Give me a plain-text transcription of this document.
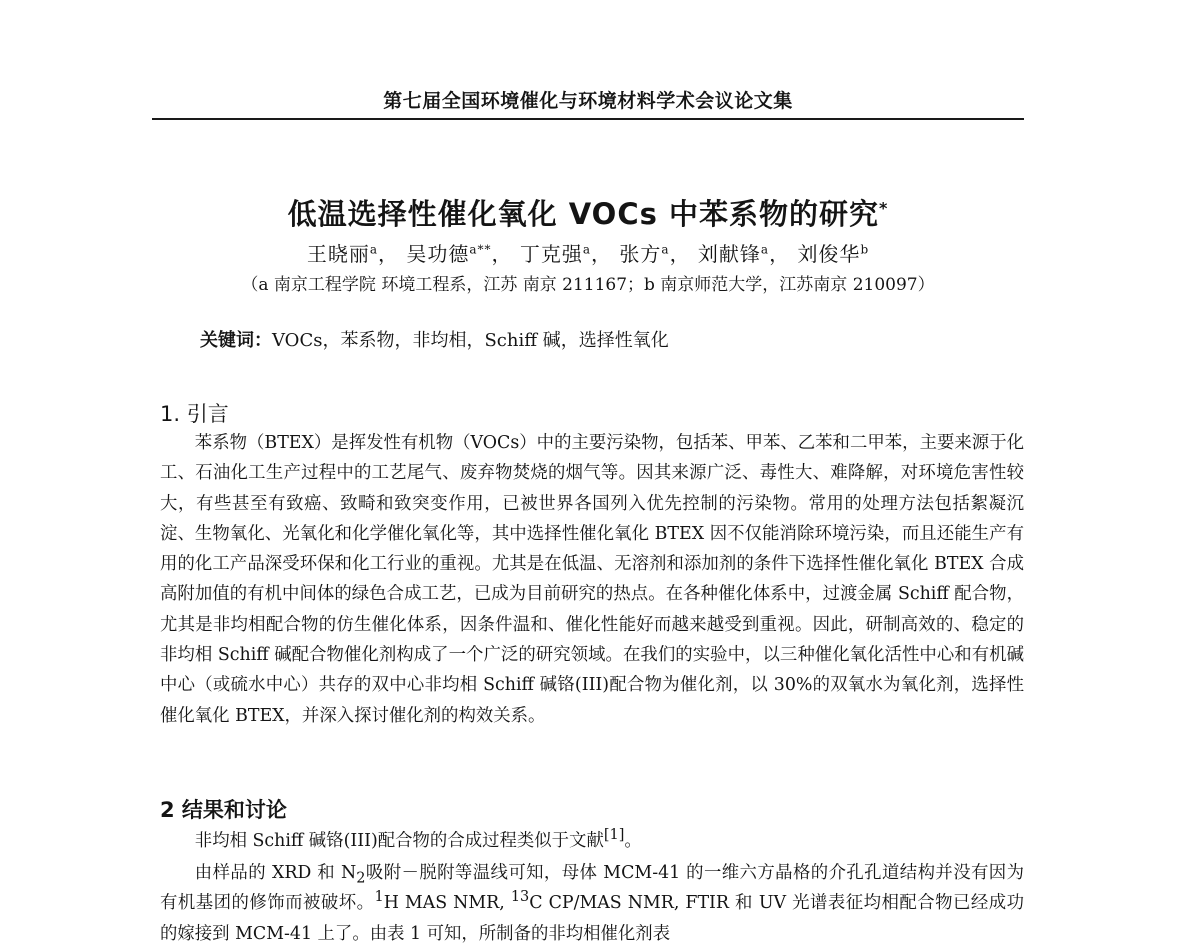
第七届全国环境催化与环境材料学术会议论文集
低温选择性催化氧化 VOCs 中苯系物的研究*
王晓丽$^a$， 吴功德$^{a**}$， 丁克强$^a$， 张方$^a$， 刘献锋$^a$， 刘俊华$^b$
（a 南京工程学院 环境工程系，江苏 南京 211167；b 南京师范大学，江苏南京 210097）
关键词：VOCs，苯系物，非均相，Schiff 碱，选择性氧化
1. 引言

苯系物（BTEX）是挥发性有机物（VOCs）中的主要污染物，包括苯、甲苯、乙苯和二甲苯，主要来源于化工、石油化工生产过程中的工艺尾气、废弃物焚烧的烟气等。因其来源广泛、毒性大、难降解，对环境危害性较大，有些甚至有致癌、致畸和致突变作用，已被世界各国列入优先控制的污染物。常用的处理方法包括絮凝沉淀、生物氧化、光氧化和化学催化氧化等，其中选择性催化氧化 BTEX 因不仅能消除环境污染，而且还能生产有用的化工产品深受环保和化工行业的重视。尤其是在低温、无溶剂和添加剂的条件下选择性催化氧化 BTEX 合成高附加值的有机中间体的绿色合成工艺，已成为目前研究的热点。在各种催化体系中，过渡金属 Schiff 配合物，尤其是非均相配合物的仿生催化体系，因条件温和、催化性能好而越来越受到重视。因此，研制高效的、稳定的非均相 Schiff 碱配合物催化剂构成了一个广泛的研究领域。在我们的实验中，以三种催化氧化活性中心和有机碱中心（或硫水中心）共存的双中心非均相 Schiff 碱铬(III)配合物为催化剂，以 30%的双氧水为氧化剂，选择性催化氧化 BTEX，并深入探讨催化剂的构效关系。

2 结果和讨论

非均相 Schiff 碱铬(III)配合物的合成过程类似于文献[1]。

由样品的 XRD 和 $N_2$吸附－脱附等温线可知，母体 MCM-41 的一维六方晶格的介孔孔道结构并没有因为有机基团的修饰而被破坏。$^1$H MAS NMR, $^{13}$C CP/MAS NMR, FTIR 和 UV 光谱表征均相配合物已经成功的嫁接到 MCM-41 上了。由表 1 可知，所制备的非均相催化剂表
